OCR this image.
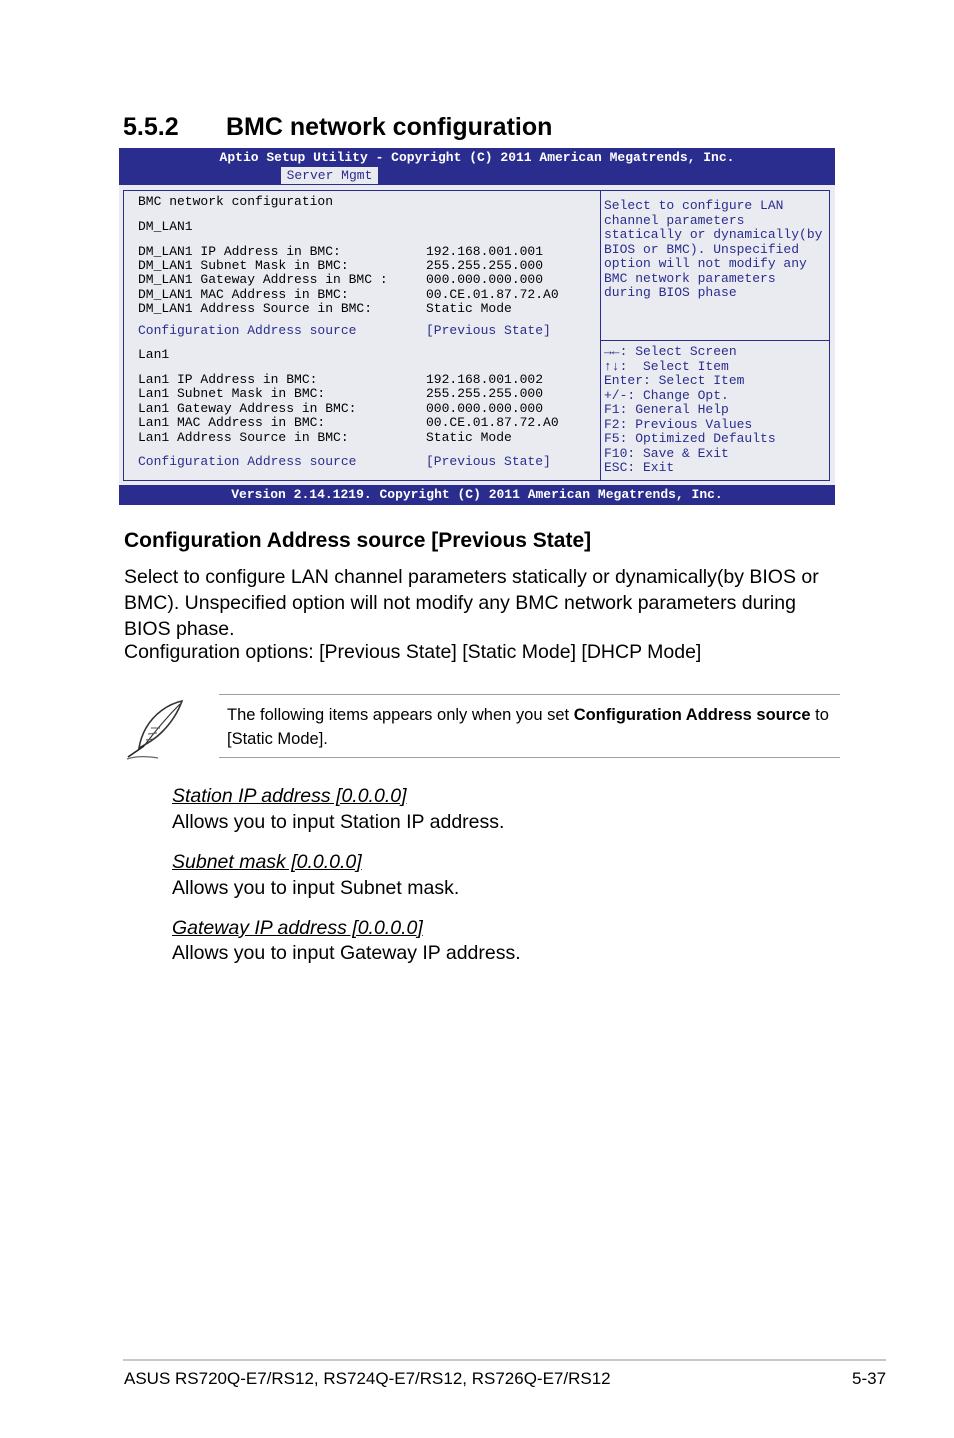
5.5.2 BMC network configuration
Aptio Setup Utility - Copyright (C) 2011 American Megatrends, Inc.
Server Mgmt
BMC network configuration
DM_LAN1
DM_LAN1 IP Address in BMC:	192.168.001.001
DM_LAN1 Subnet Mask in BMC:	255.255.255.000
DM_LAN1 Gateway Address in BMC :	000.000.000.000
DM_LAN1 MAC Address in BMC:	00.CE.01.87.72.A0
DM_LAN1 Address Source in BMC:	Static Mode
Configuration Address source	[Previous State]
Lan1
Lan1 IP Address in BMC:	192.168.001.002
Lan1 Subnet Mask in BMC:	255.255.255.000
Lan1 Gateway Address in BMC:	000.000.000.000
Lan1 MAC Address in BMC:	00.CE.01.87.72.A0
Lan1 Address Source in BMC:	Static Mode
Configuration Address source	[Previous State]
Select to configure LAN
channel parameters
statically or dynamically(by
BIOS or BMC). Unspecified
option will not modify any
BMC network parameters
during BIOS phase
→←: Select Screen
↑↓:  Select Item
Enter: Select Item
+/-: Change Opt.
F1: General Help
F2: Previous Values
F5: Optimized Defaults
F10: Save & Exit
ESC: Exit
Version 2.14.1219. Copyright (C) 2011 American Megatrends, Inc.
Configuration Address source [Previous State]
Select to configure LAN channel parameters statically or dynamically(by BIOS or BMC). Unspecified option will not modify any BMC network parameters during BIOS phase.
Configuration options: [Previous State] [Static Mode] [DHCP Mode]
The following items appears only when you set Configuration Address source to [Static Mode].
Station IP address [0.0.0.0]
Allows you to input Station IP address.
Subnet mask [0.0.0.0]
Allows you to input Subnet mask.
Gateway IP address [0.0.0.0]
Allows you to input Gateway IP address.
ASUS RS720Q-E7/RS12, RS724Q-E7/RS12, RS726Q-E7/RS12	5-37
